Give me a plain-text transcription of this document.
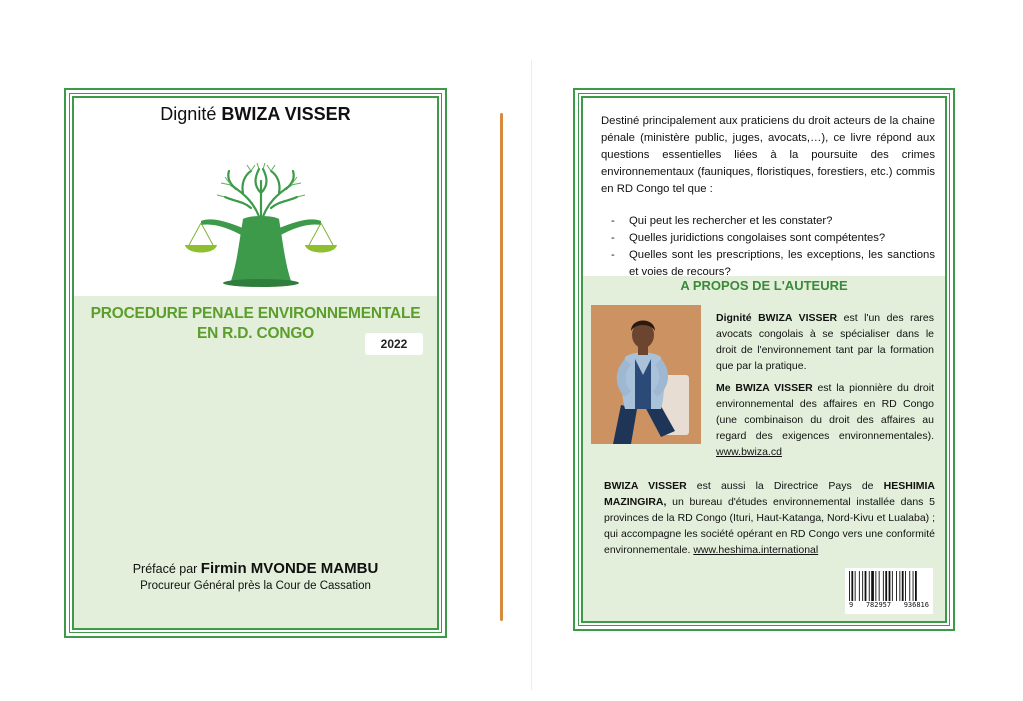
Dignité BWIZA VISSER
PROCEDURE PENALE ENVIRONNEMENTALE
EN R.D. CONGO
2022
Préfacé par Firmin MVONDE MAMBU
Procureur Général près la Cour de Cassation

Destiné principalement aux praticiens du droit acteurs de la chaine pénale (ministère public, juges, avocats,…), ce livre répond aux questions essentielles liées à la poursuite des crimes environnementaux (fauniques, floristiques, forestiers, etc.) commis en RD Congo tel que :

- Qui peut les rechercher et les constater?
- Quelles juridictions congolaises sont compétentes?
- Quelles sont les prescriptions, les exceptions, les sanctions et voies de recours?
A PROPOS DE L'AUTEURE

Dignité BWIZA VISSER est l'un des rares avocats congolais à se spécialiser dans le droit de l'environnement tant par la formation que par la pratique.

Me BWIZA VISSER est la pionnière du droit environnemental des affaires en RD Congo (une combinaison du droit des affaires au regard des exigences environnementales). www.bwiza.cd

BWIZA VISSER est aussi la Directrice Pays de HESHIMIA MAZINGIRA, un bureau d'études environnemental installée dans 5 provinces de la RD Congo (Ituri, Haut-Katanga, Nord-Kivu et Lualaba) ; qui accompagne les société opérant en RD Congo vers une conformité environnementale. www.heshima.international

9 782957 936816
